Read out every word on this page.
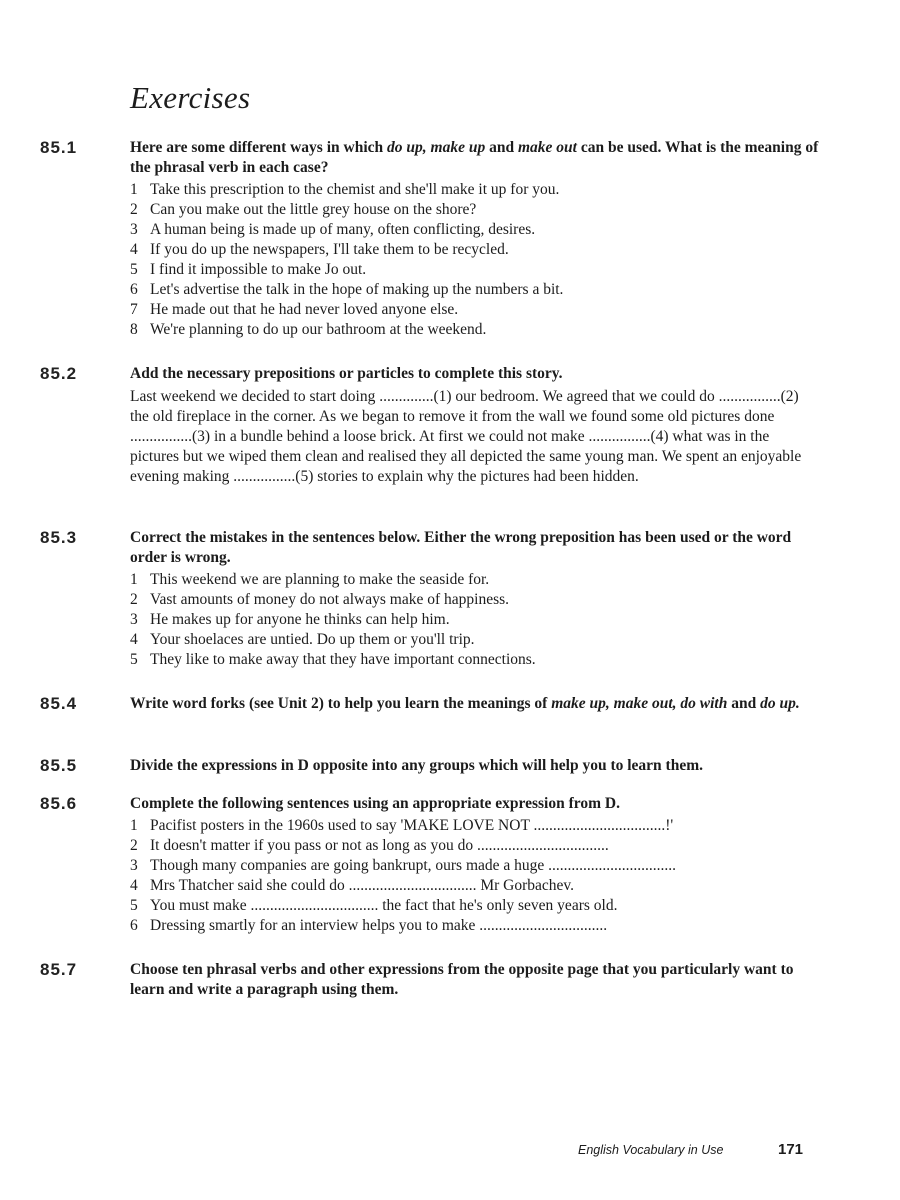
Exercises
85.1	Here are some different ways in which do up, make up and make out can be used. What is the meaning of the phrasal verb in each case?

1 Take this prescription to the chemist and she'll make it up for you.
2 Can you make out the little grey house on the shore?
3 A human being is made up of many, often conflicting, desires.
4 If you do up the newspapers, I'll take them to be recycled.
5 I find it impossible to make Jo out.
6 Let's advertise the talk in the hope of making up the numbers a bit.
7 He made out that he had never loved anyone else.
8 We're planning to do up our bathroom at the weekend.
85.2	Add the necessary prepositions or particles to complete this story.

Last weekend we decided to start doing ..............(1) our bedroom. We agreed that we could do ................(2) the old fireplace in the corner. As we began to remove it from the wall we found some old pictures done ................(3) in a bundle behind a loose brick. At first we could not make ................(4) what was in the pictures but we wiped them clean and realised they all depicted the same young man. We spent an enjoyable evening making ................(5) stories to explain why the pictures had been hidden.

85.3	Correct the mistakes in the sentences below. Either the wrong preposition has been used or the word order is wrong.

1 This weekend we are planning to make the seaside for.
2 Vast amounts of money do not always make of happiness.
3 He makes up for anyone he thinks can help him.
4 Your shoelaces are untied. Do up them or you'll trip.
5 They like to make away that they have important connections.
85.4	Write word forks (see Unit 2) to help you learn the meanings of make up, make out, do with and do up.

85.5	Divide the expressions in D opposite into any groups which will help you to learn them.

85.6	Complete the following sentences using an appropriate expression from D.

1 Pacifist posters in the 1960s used to say 'MAKE LOVE NOT ..................................!'
2 It doesn't matter if you pass or not as long as you do ..................................
3 Though many companies are going bankrupt, ours made a huge .................................
4 Mrs Thatcher said she could do ................................. Mr Gorbachev.
5 You must make ................................. the fact that he's only seven years old.
6 Dressing smartly for an interview helps you to make .................................
85.7	Choose ten phrasal verbs and other expressions from the opposite page that you particularly want to learn and write a paragraph using them.

English Vocabulary in Use	171
